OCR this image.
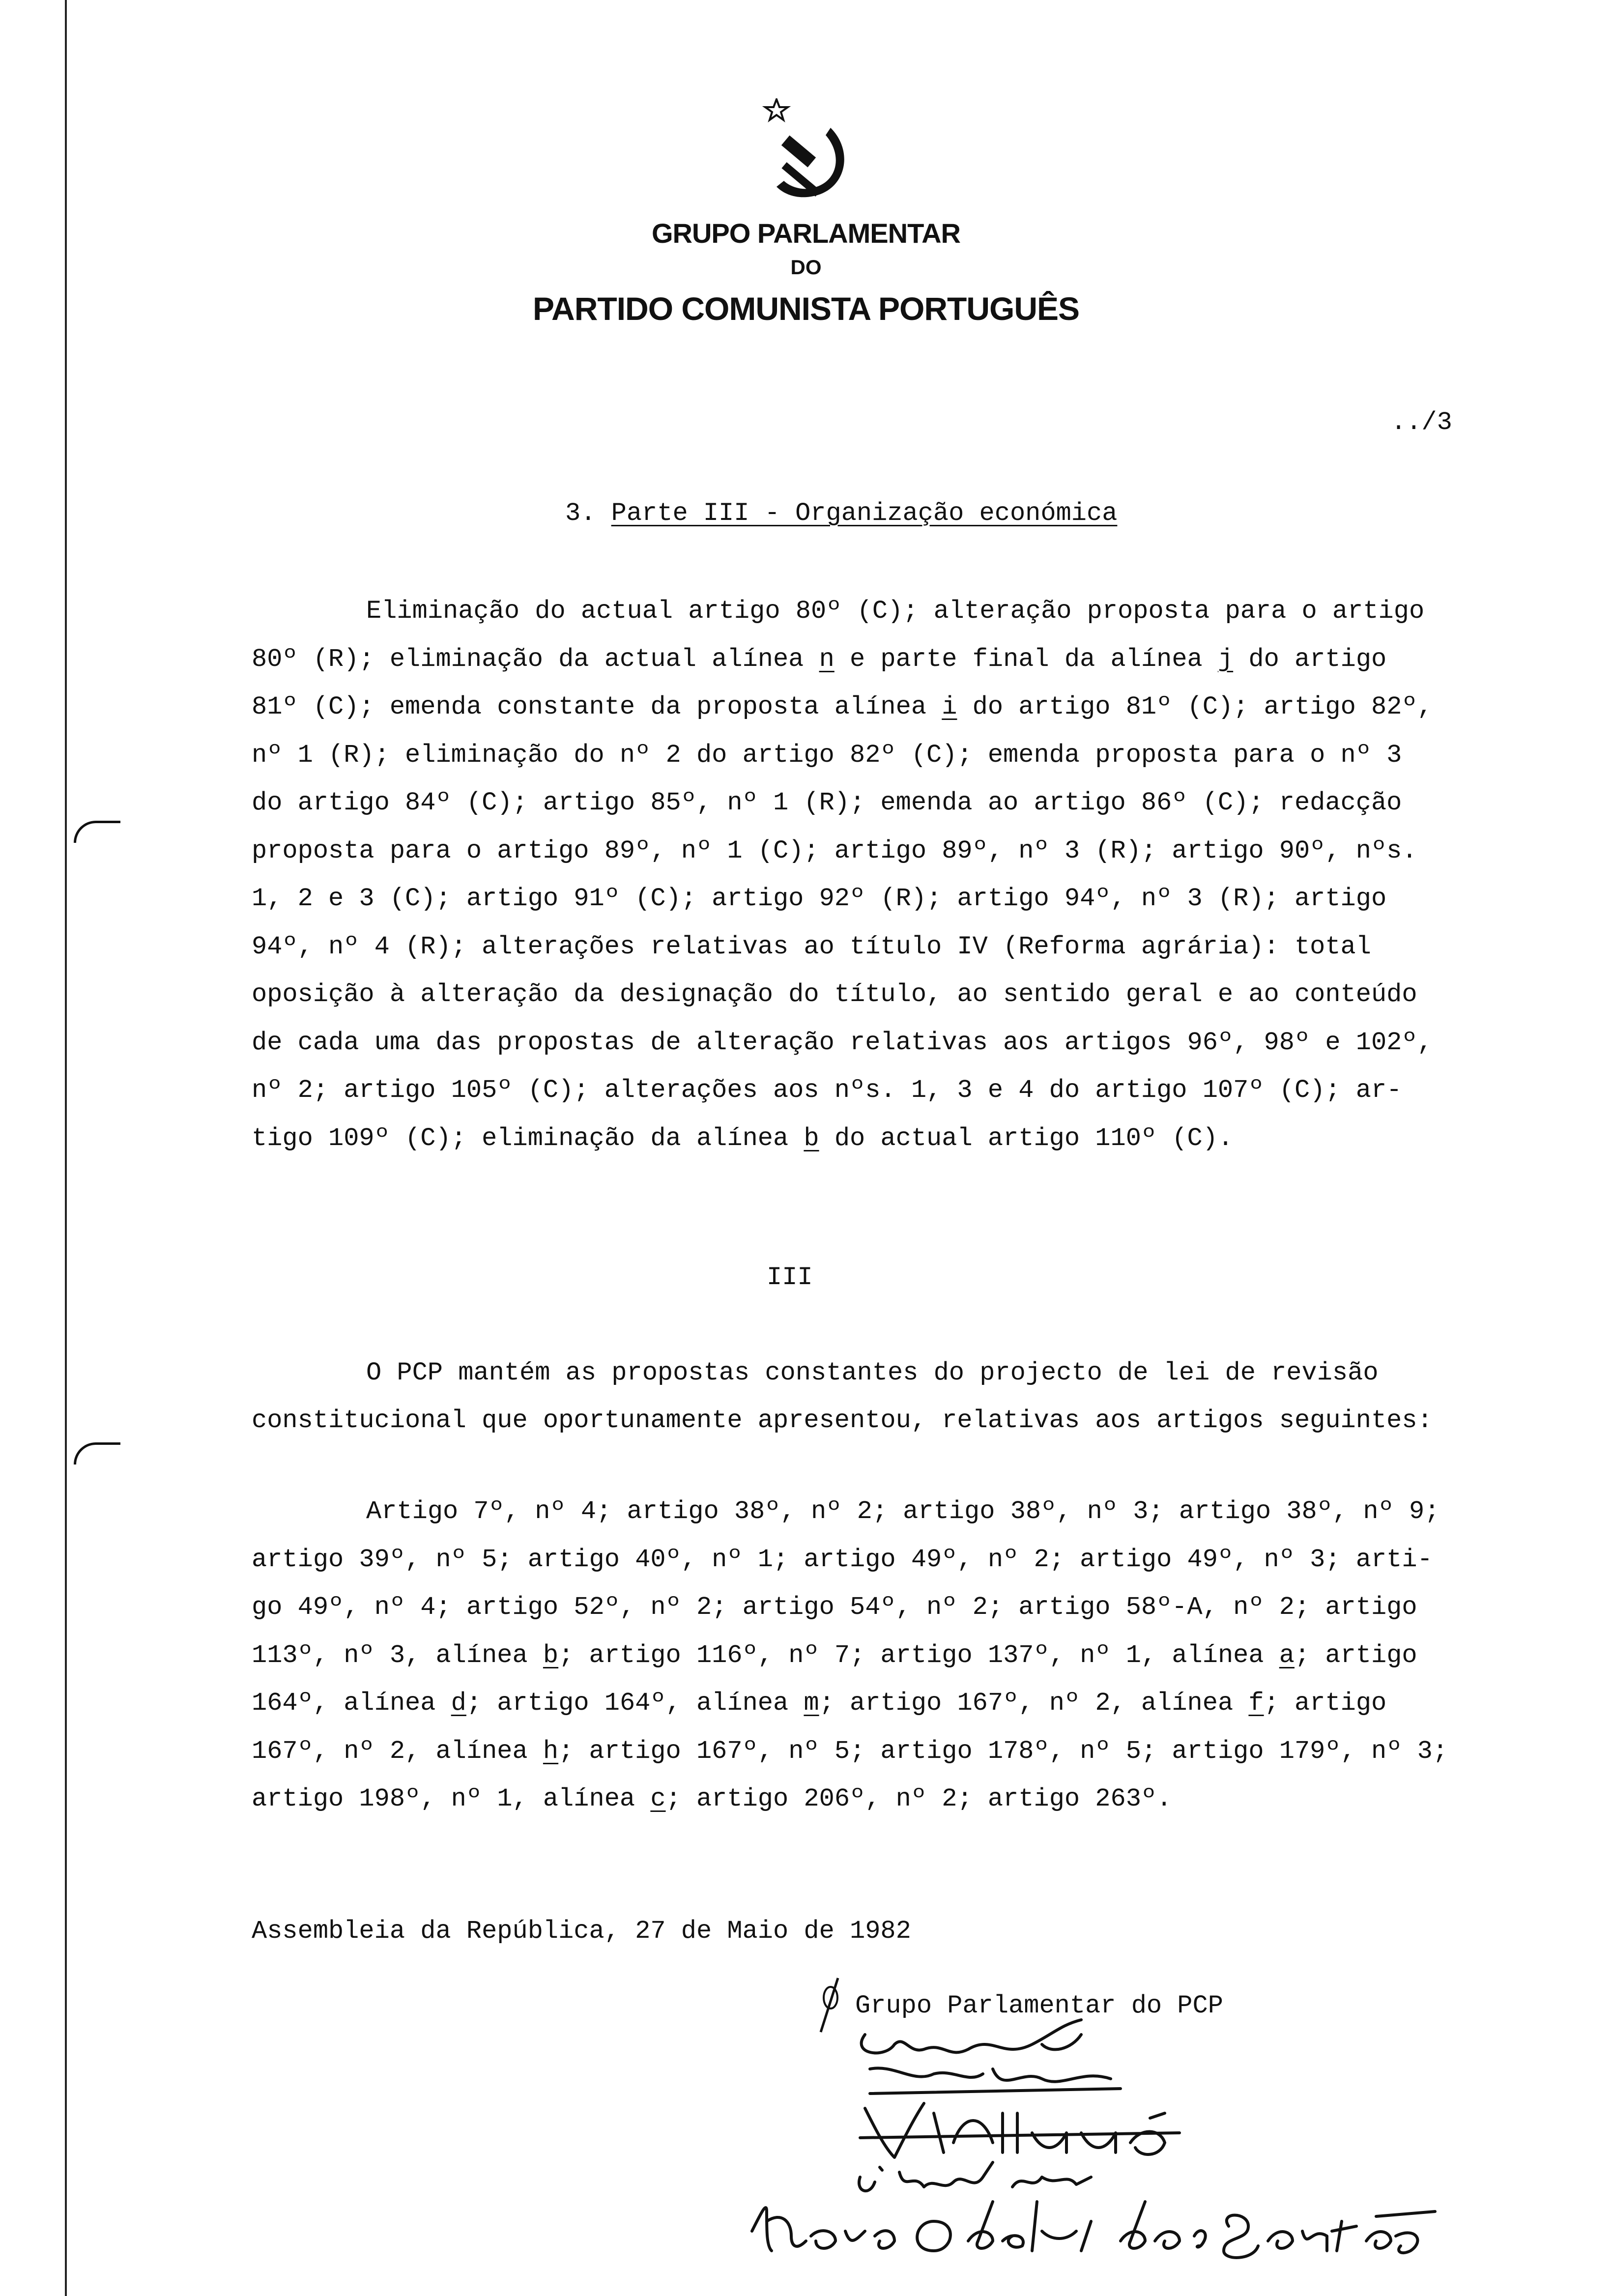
GRUPO PARLAMENTAR
DO
PARTIDO COMUNISTA PORTUGUÊS
../3
3. Parte III - Organização económica
Eliminação do actual artigo 80º (C); alteração proposta para o artigo
80º (R); eliminação da actual alínea n e parte final da alínea j do artigo
81º (C); emenda constante da proposta alínea i do artigo 81º (C); artigo 82º,
nº 1 (R); eliminação do nº 2 do artigo 82º (C); emenda proposta para o nº 3
do artigo 84º (C); artigo 85º, nº 1 (R); emenda ao artigo 86º (C); redacção
proposta para o artigo 89º, nº 1 (C); artigo 89º, nº 3 (R); artigo 90º, nºs.
1, 2 e 3 (C); artigo 91º (C); artigo 92º (R); artigo 94º, nº 3 (R); artigo
94º, nº 4 (R); alterações relativas ao título IV (Reforma agrária): total
oposição à alteração da designação do título, ao sentido geral e ao conteúdo
de cada uma das propostas de alteração relativas aos artigos 96º, 98º e 102º,
nº 2; artigo 105º (C); alterações aos nºs. 1, 3 e 4 do artigo 107º (C); ar-
tigo 109º (C); eliminação da alínea b do actual artigo 110º (C).
III
O PCP mantém as propostas constantes do projecto de lei de revisão
constitucional que oportunamente apresentou, relativas aos artigos seguintes:
Artigo 7º, nº 4; artigo 38º, nº 2; artigo 38º, nº 3; artigo 38º, nº 9;
artigo 39º, nº 5; artigo 40º, nº 1; artigo 49º, nº 2; artigo 49º, nº 3; arti-
go 49º, nº 4; artigo 52º, nº 2; artigo 54º, nº 2; artigo 58º-A, nº 2; artigo
113º, nº 3, alínea b; artigo 116º, nº 7; artigo 137º, nº 1, alínea a; artigo
164º, alínea d; artigo 164º, alínea m; artigo 167º, nº 2, alínea f; artigo
167º, nº 2, alínea h; artigo 167º, nº 5; artigo 178º, nº 5; artigo 179º, nº 3;
artigo 198º, nº 1, alínea c; artigo 206º, nº 2; artigo 263º.
Assembleia da República, 27 de Maio de 1982
Grupo Parlamentar do PCP
